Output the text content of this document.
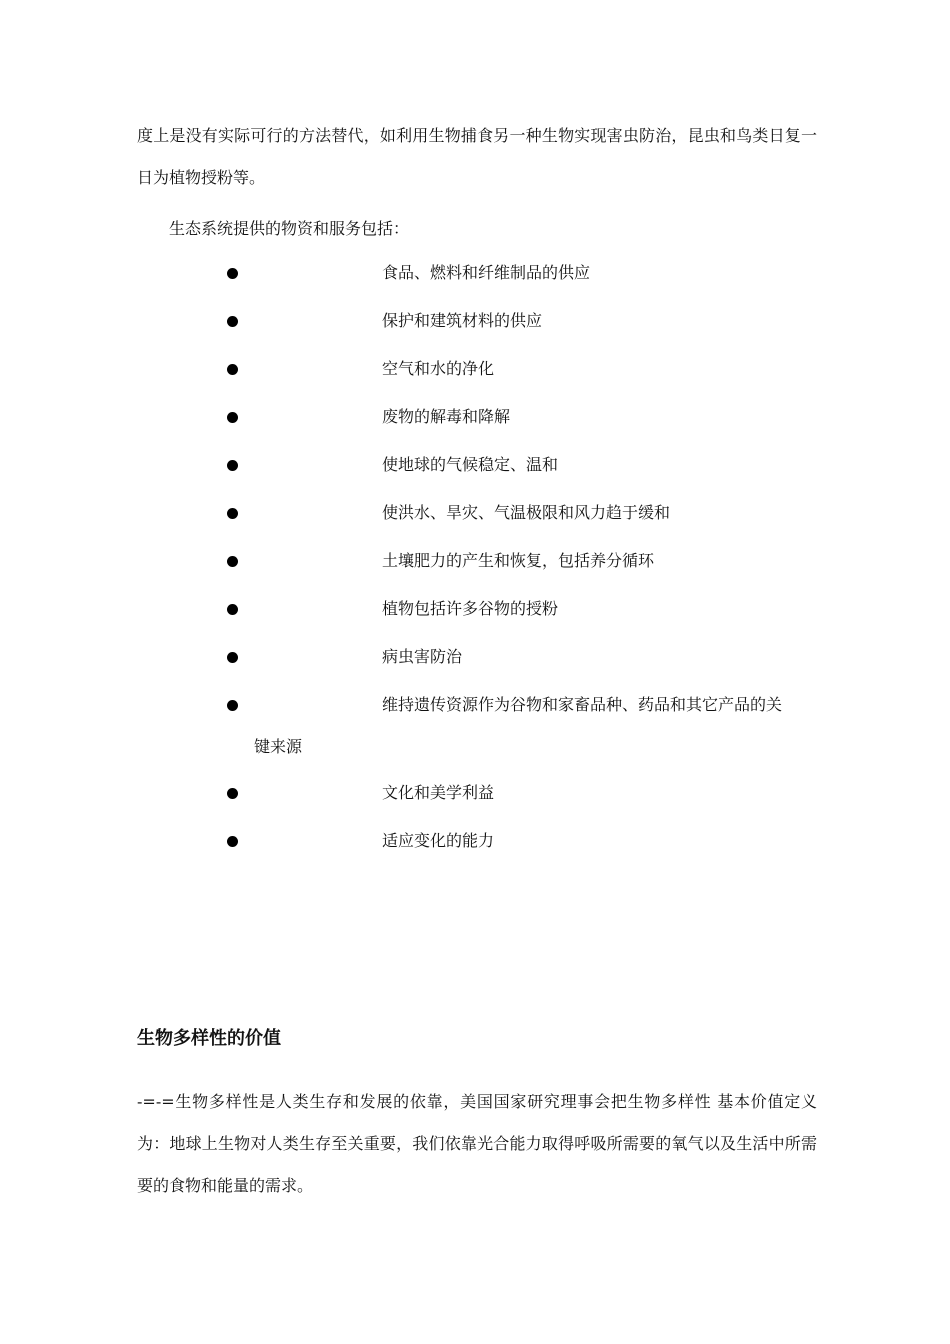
度上是没有实际可行的方法替代，如利用生物捕食另一种生物实现害虫防治，昆虫和鸟类日复一日为植物授粉等。

生态系统提供的物资和服务包括：

食品、燃料和纤维制品的供应
保护和建筑材料的供应
空气和水的净化
废物的解毒和降解
使地球的气候稳定、温和
使洪水、旱灾、气温极限和风力趋于缓和
土壤肥力的产生和恢复，包括养分循环
植物包括许多谷物的授粉
病虫害防治
维持遗传资源作为谷物和家畜品种、药品和其它产品的关
键来源
文化和美学利益
适应变化的能力
生物多样性的价值

-=-=生物多样性是人类生存和发展的依靠，美国国家研究理事会把生物多样性 基本价值定义为：地球上生物对人类生存至关重要，我们依靠光合能力取得呼吸所需要的氧气以及生活中所需要的食物和能量的需求。
